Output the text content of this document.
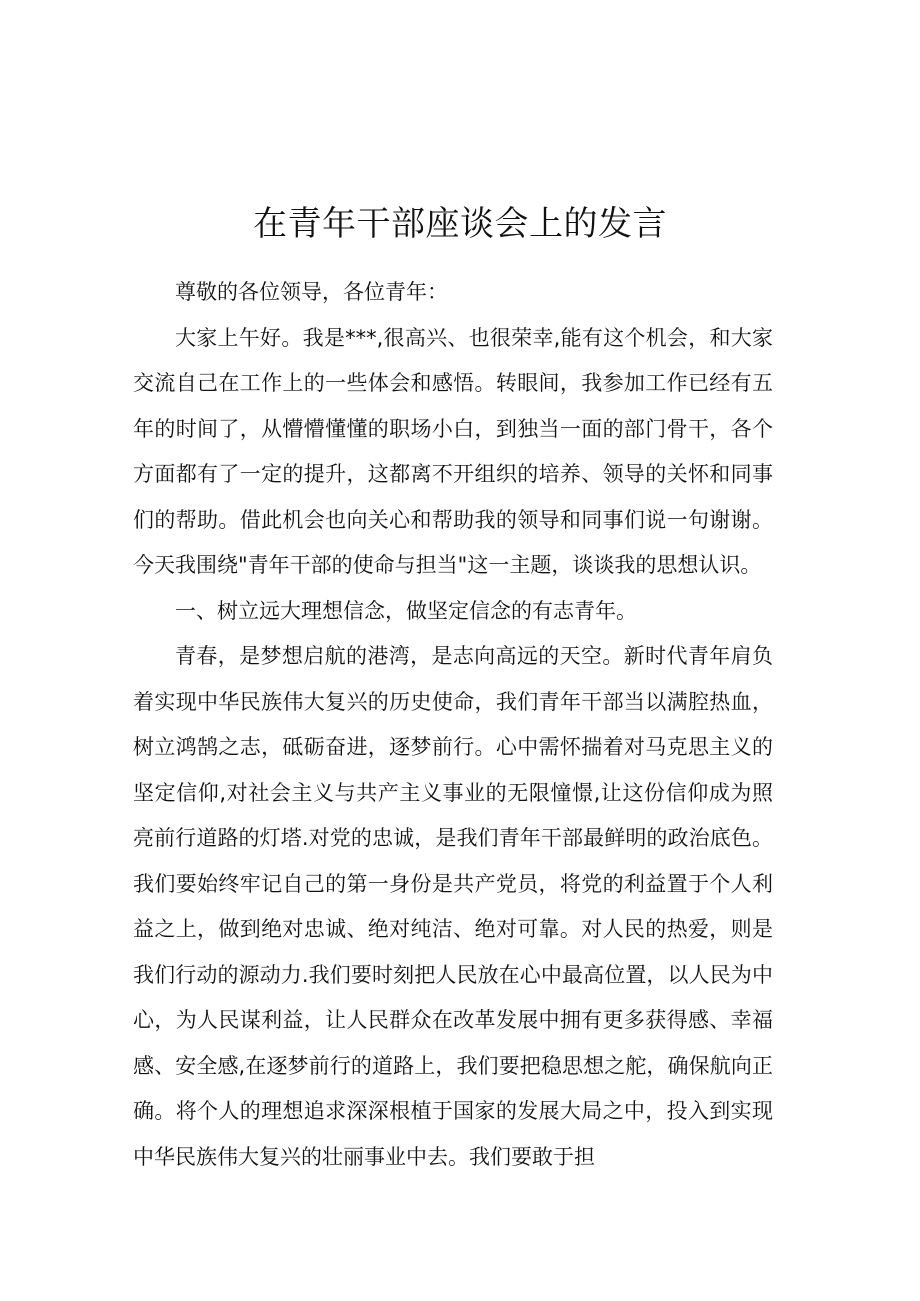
在青年干部座谈会上的发言

尊敬的各位领导，各位青年：

大家上午好。我是***,很高兴、也很荣幸,能有这个机会，和大家交流自己在工作上的一些体会和感悟。转眼间，我参加工作已经有五年的时间了，从懵懵懂懂的职场小白，到独当一面的部门骨干，各个方面都有了一定的提升，这都离不开组织的培养、领导的关怀和同事们的帮助。借此机会也向关心和帮助我的领导和同事们说一句谢谢。今天我围绕"青年干部的使命与担当"这一主题，谈谈我的思想认识。

一、树立远大理想信念，做坚定信念的有志青年。

青春，是梦想启航的港湾，是志向高远的天空。新时代青年肩负着实现中华民族伟大复兴的历史使命，我们青年干部当以满腔热血，树立鸿鹄之志，砥砺奋进，逐梦前行。心中需怀揣着对马克思主义的坚定信仰,对社会主义与共产主义事业的无限憧憬,让这份信仰成为照亮前行道路的灯塔.对党的忠诚，是我们青年干部最鲜明的政治底色。我们要始终牢记自己的第一身份是共产党员，将党的利益置于个人利益之上，做到绝对忠诚、绝对纯洁、绝对可靠。对人民的热爱，则是我们行动的源动力.我们要时刻把人民放在心中最高位置，以人民为中心，为人民谋利益，让人民群众在改革发展中拥有更多获得感、幸福感、安全感,在逐梦前行的道路上，我们要把稳思想之舵，确保航向正确。将个人的理想追求深深根植于国家的发展大局之中，投入到实现中华民族伟大复兴的壮丽事业中去。我们要敢于担
